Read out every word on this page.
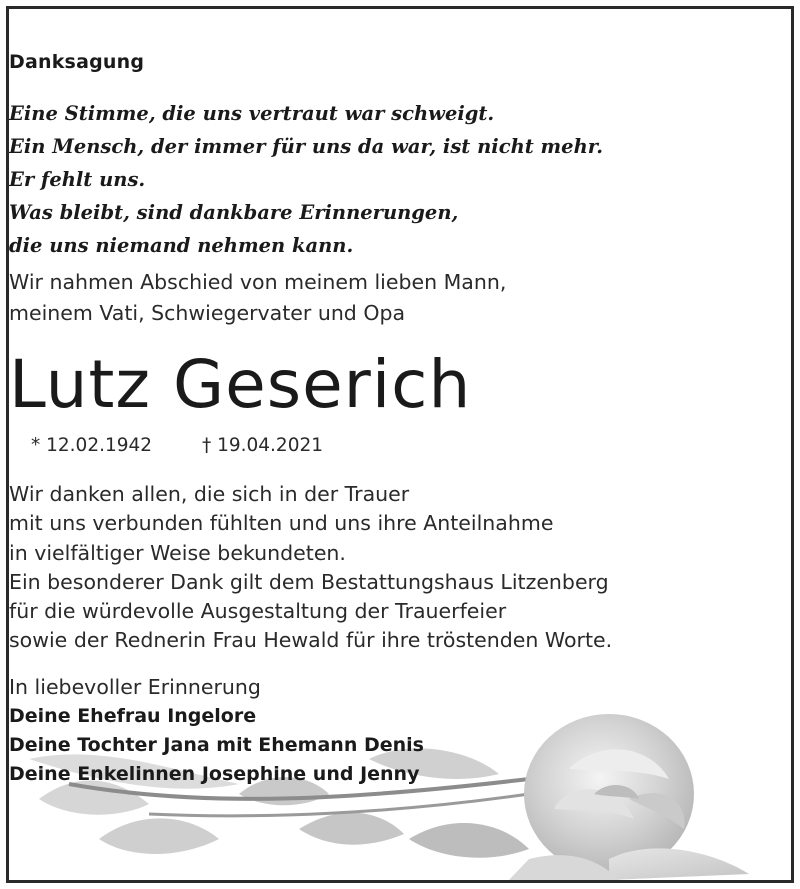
Danksagung
Eine Stimme, die uns vertraut war schweigt.
Ein Mensch, der immer für uns da war, ist nicht mehr.
Er fehlt uns.
Was bleibt, sind dankbare Erinnerungen,
die uns niemand nehmen kann.
Wir nahmen Abschied von meinem lieben Mann,
meinem Vati, Schwiegervater und Opa
Lutz Geserich
* 12.02.1942	† 19.04.2021
Wir danken allen, die sich in der Trauer
mit uns verbunden fühlten und uns ihre Anteilnahme
in vielfältiger Weise bekundeten.
Ein besonderer Dank gilt dem Bestattungshaus Litzenberg
für die würdevolle Ausgestaltung der Trauerfeier
sowie der Rednerin Frau Hewald für ihre tröstenden Worte.
In liebevoller Erinnerung
Deine Ehefrau Ingelore
Deine Tochter Jana mit Ehemann Denis
Deine Enkelinnen Josephine und Jenny
